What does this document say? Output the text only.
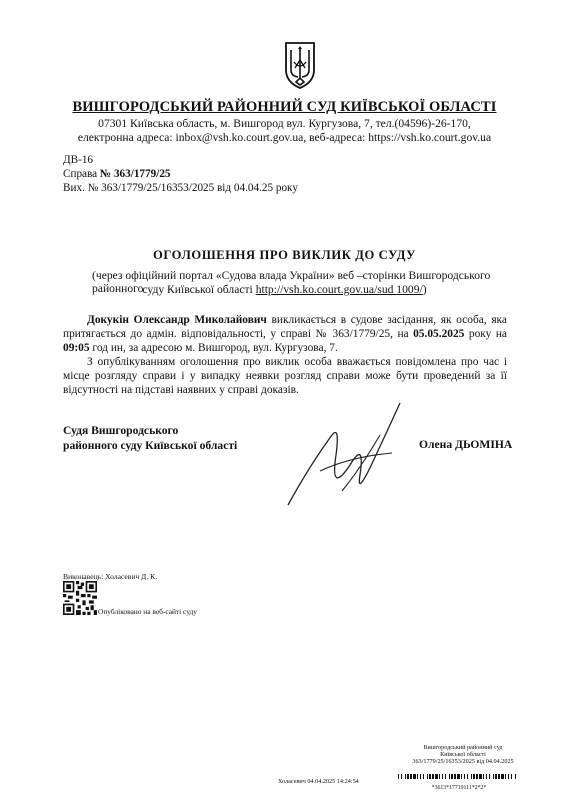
ВИШГОРОДСЬКИЙ РАЙОННИЙ СУД КИЇВСЬКОЇ ОБЛАСТІ
07301 Київська область, м. Вишгород вул. Кургузова, 7, тел.(04596)-26-170,
електронна адреса: inbox@vsh.ko.court.gov.ua, веб-адреса: https://vsh.ko.court.gov.ua
ДВ-16
Справа № 363/1779/25
Вих. № 363/1779/25/16353/2025 від 04.04.25 року
ОГОЛОШЕННЯ ПРО ВИКЛИК ДО СУДУ
(через офіційний портал «Судова влада України» веб –сторінки Вишгородського районного
суду Київської області http://vsh.ko.court.gov.ua/sud 1009/)
Докукін Олександр Миколайович викликається в судове засідання, як особа, яка притягається до адмін. відповідальності, у справі № 363/1779/25, на 05.05.2025 року на 09:05 год ин, за адресою м. Вишгород, вул. Кургузова, 7.
З опублікуванням оголошення про виклик особа вважається повідомлена про час і місце розгляду справи і у випадку неявки розгляд справи може бути проведений за її відсутності на підставі наявних у справі доказів.
Судя Вишгородського
районного суду Київської області	Олена ДЬОМІНА
Виконавець: Холасевич Д. К.
Опубліковано на веб-сайті суду
Вишгородський районний суд
Київської області
363/1779/25/16353/2025 від 04.04.2025
Холасевич 04.04.2025 14:24:54
*3613*17719111*2*2*
